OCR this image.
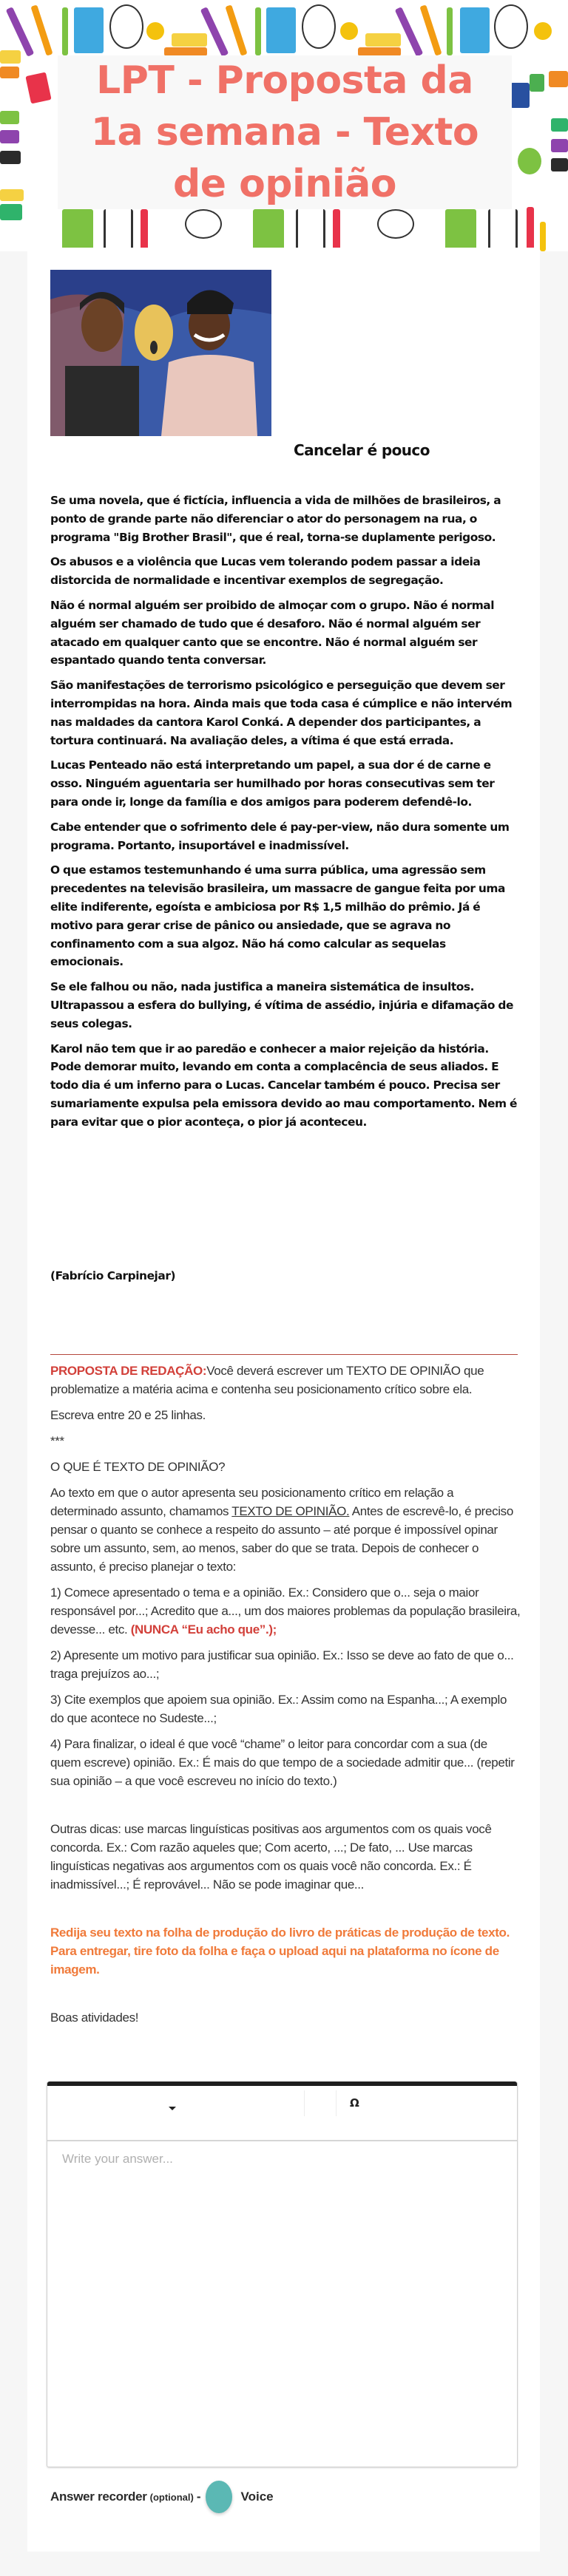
LPT - Proposta da 1a semana - Texto de opinião
Cancelar é pouco

Se uma novela, que é fictícia, influencia a vida de milhões de brasileiros, a ponto de grande parte não diferenciar o ator do personagem na rua, o programa "Big Brother Brasil", que é real, torna-se duplamente perigoso.

Os abusos e a violência que Lucas vem tolerando podem passar a ideia distorcida de normalidade e incentivar exemplos de segregação.

Não é normal alguém ser proibido de almoçar com o grupo. Não é normal alguém ser chamado de tudo que é desaforo. Não é normal alguém ser atacado em qualquer canto que se encontre. Não é normal alguém ser espantado quando tenta conversar.

São manifestações de terrorismo psicológico e perseguição que devem ser interrompidas na hora. Ainda mais que toda casa é cúmplice e não intervém nas maldades da cantora Karol Conká. A depender dos participantes, a tortura continuará. Na avaliação deles, a vítima é que está errada.

Lucas Penteado não está interpretando um papel, a sua dor é de carne e osso. Ninguém aguentaria ser humilhado por horas consecutivas sem ter para onde ir, longe da família e dos amigos para poderem defendê-lo.

Cabe entender que o sofrimento dele é pay-per-view, não dura somente um programa. Portanto, insuportável e inadmissível.

O que estamos testemunhando é uma surra pública, uma agressão sem precedentes na televisão brasileira, um massacre de gangue feita por uma elite indiferente, egoísta e ambiciosa por R$ 1,5 milhão do prêmio. Já é motivo para gerar crise de pânico ou ansiedade, que se agrava no confinamento com a sua algoz. Não há como calcular as sequelas emocionais.

Se ele falhou ou não, nada justifica a maneira sistemática de insultos. Ultrapassou a esfera do bullying, é vítima de assédio, injúria e difamação de seus colegas.

Karol não tem que ir ao paredão e conhecer a maior rejeição da história. Pode demorar muito, levando em conta a complacência de seus aliados. E todo dia é um inferno para o Lucas. Cancelar também é pouco. Precisa ser sumariamente expulsa pela emissora devido ao mau comportamento. Nem é para evitar que o pior aconteça, o pior já aconteceu.

(Fabrício Carpinejar)

PROPOSTA DE REDAÇÃO:Você deverá escrever um TEXTO DE OPINIÃO que problematize a matéria acima e contenha seu posicionamento crítico sobre ela.

Escreva entre 20 e 25 linhas.

***

O QUE É TEXTO DE OPINIÃO?

Ao texto em que o autor apresenta seu posicionamento crítico em relação a determinado assunto, chamamos TEXTO DE OPINIÃO. Antes de escrevê-lo, é preciso pensar o quanto se conhece a respeito do assunto – até porque é impossível opinar sobre um assunto, sem, ao menos, saber do que se trata. Depois de conhecer o assunto, é preciso planejar o texto:

1) Comece apresentado o tema e a opinião. Ex.: Considero que o... seja o maior responsável por...; Acredito que a..., um dos maiores problemas da população brasileira, devesse... etc. (NUNCA “Eu acho que”.);

2) Apresente um motivo para justificar sua opinião. Ex.: Isso se deve ao fato de que o... traga prejuízos ao...;

3) Cite exemplos que apoiem sua opinião. Ex.: Assim como na Espanha...; A exemplo do que acontece no Sudeste...;

4) Para finalizar, o ideal é que você “chame” o leitor para concordar com a sua (de quem escreve) opinião. Ex.: É mais do que tempo de a sociedade admitir que... (repetir sua opinião – a que você escreveu no início do texto.)

Outras dicas: use marcas linguísticas positivas aos argumentos com os quais você concorda. Ex.: Com razão aqueles que; Com acerto, ...; De fato, ... Use marcas linguísticas negativas aos argumentos com os quais você não concorda. Ex.: É inadmissível...; É reprovável... Não se pode imaginar que...

Redija seu texto na folha de produção do livro de práticas de produção de texto. Para entregar, tire foto da folha e faça o upload aqui na plataforma no ícone de imagem.

Boas atividades!

Ω
Write your answer...
Answer recorder (optional) -	Voice
